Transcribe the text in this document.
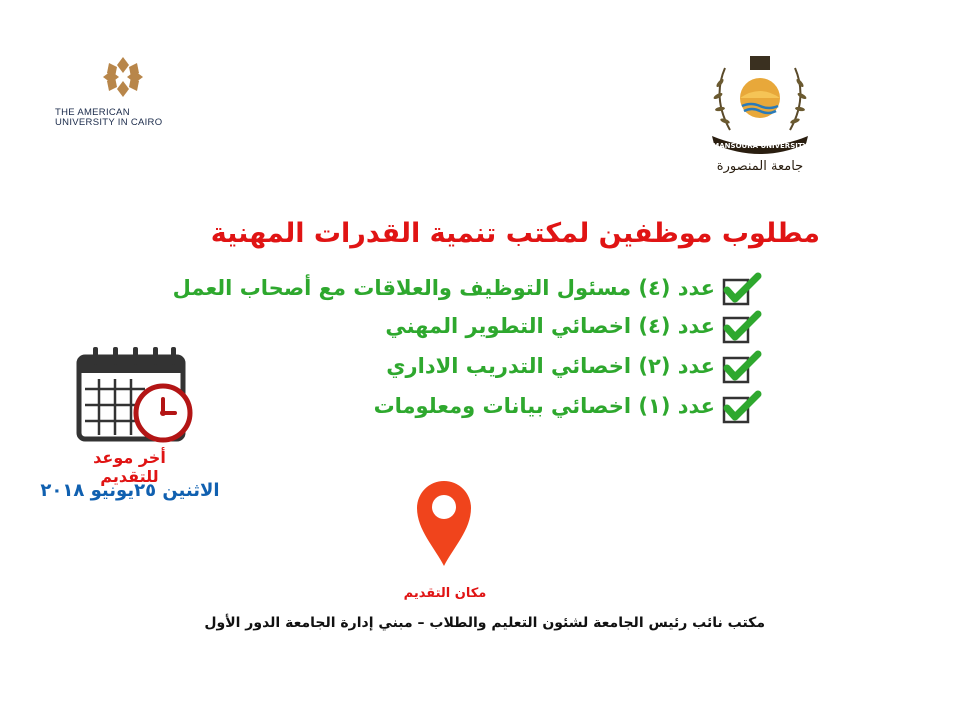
THE AMERICAN
UNIVERSITY IN CAIRO
MANSOURA UNIVERSITY
جامعة المنصورة
مطلوب موظفين لمكتب تنمية القدرات المهنية
عدد (٤) مسئول التوظيف والعلاقات مع أصحاب العمل
عدد (٤) اخصائي التطوير المهني
عدد (٢) اخصائي التدريب الاداري
عدد (١) اخصائي بيانات ومعلومات
أخر موعد للتقديم
الاثنين ٢٥يونيو ٢٠١٨
مكان التقديم
مكتب نائب رئيس الجامعة لشئون التعليم والطلاب – مبني إدارة الجامعة الدور الأول
